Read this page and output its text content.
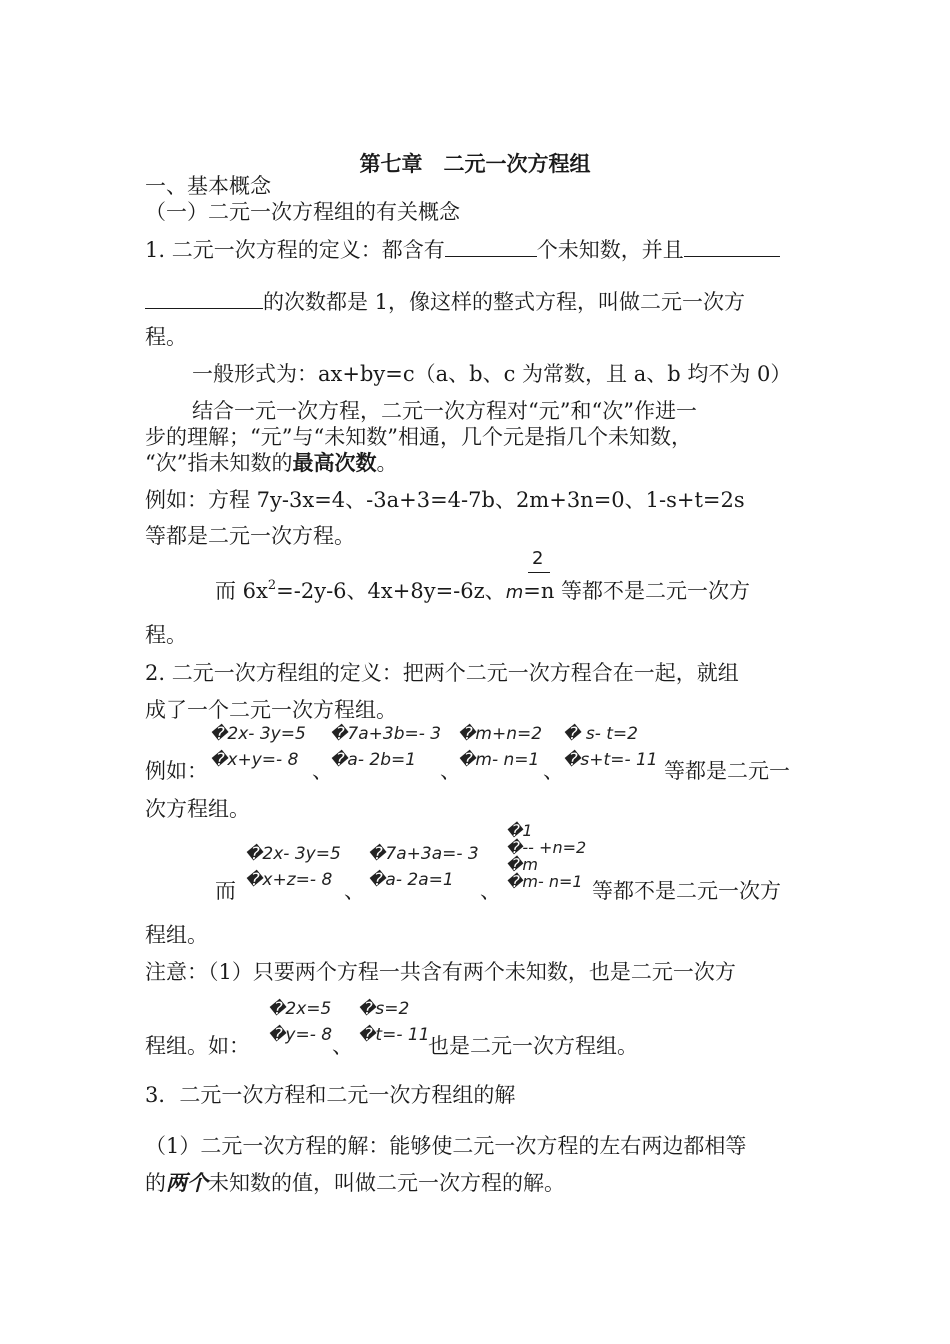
第七章　二元一次方程组
一、基本概念
（一）二元一次方程组的有关概念
1. 二元一次方程的定义：都含有	个未知数，并且
的次数都是 1，像这样的整式方程，叫做二元一次方
程。
一般形式为：ax+by=c（a、b、c 为常数，且 a、b 均不为 0）
结合一元一次方程，二元一次方程对“元”和“次”作进一
步的理解；“元”与“未知数”相通，几个元是指几个未知数，
“次”指未知数的最高次数。
例如：方程 7y-3x=4、-3a+3=4-7b、2m+3n=0、1-s+t=2s
等都是二元一次方程。
2
而 $6x^2=-2y-6$、4x+8y=-6z、m=n 等都不是二元一次方
程。
2. 二元一次方程组的定义：把两个二元一次方程合在一起，就组
成了一个二元一次方程组。
例如：
�2x- 3y=5
�x+y=- 8 、
�7a+3b=- 3
�a- 2b=1	、
�m+n=2
�m- n=1 、
� s- t=2
�s+t=- 11 等都是二元一
次方程组。
�2x- 3y=5
�x+z=- 8
而	、
�7a+3a=- 3
�a- 2a=1	、
�1
�-- +n=2
�m
�m- n=1 等都不是二元一次方
程组。
注意：（1）只要两个方程一共含有两个未知数，也是二元一次方
程组。如：
�2x=5
�y=- 8 、
�s=2
�t=- 11
也是二元一次方程组。
3．二元一次方程和二元一次方程组的解
（1）二元一次方程的解：能够使二元一次方程的左右两边都相等
的两个未知数的值，叫做二元一次方程的解。
